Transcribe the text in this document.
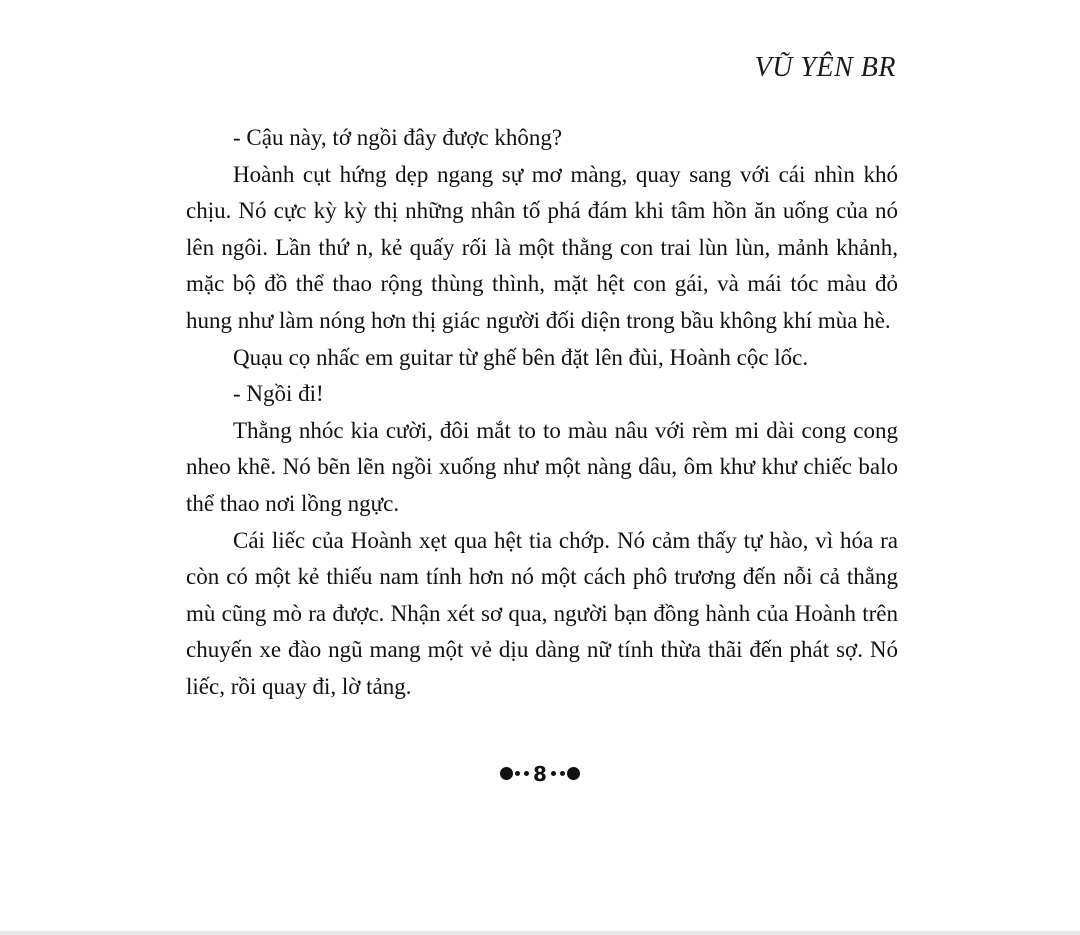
VŨ YÊN BR

- Cậu này, tớ ngồi đây được không?

Hoành cụt hứng dẹp ngang sự mơ màng, quay sang với cái nhìn khó chịu. Nó cực kỳ kỳ thị những nhân tố phá đám khi tâm hồn ăn uống của nó lên ngôi. Lần thứ n, kẻ quấy rối là một thằng con trai lùn lùn, mảnh khảnh, mặc bộ đồ thể thao rộng thùng thình, mặt hệt con gái, và mái tóc màu đỏ hung như làm nóng hơn thị giác người đối diện trong bầu không khí mùa hè.

Quạu cọ nhấc em guitar từ ghế bên đặt lên đùi, Hoành cộc lốc.

- Ngồi đi!

Thằng nhóc kia cười, đôi mắt to to màu nâu với rèm mi dài cong cong nheo khẽ. Nó bẽn lẽn ngồi xuống như một nàng dâu, ôm khư khư chiếc balo thể thao nơi lồng ngực.

Cái liếc của Hoành xẹt qua hệt tia chớp. Nó cảm thấy tự hào, vì hóa ra còn có một kẻ thiếu nam tính hơn nó một cách phô trương đến nỗi cả thằng mù cũng mò ra được. Nhận xét sơ qua, người bạn đồng hành của Hoành trên chuyến xe đào ngũ mang một vẻ dịu dàng nữ tính thừa thãi đến phát sợ. Nó liếc, rồi quay đi, lờ tảng.

8
